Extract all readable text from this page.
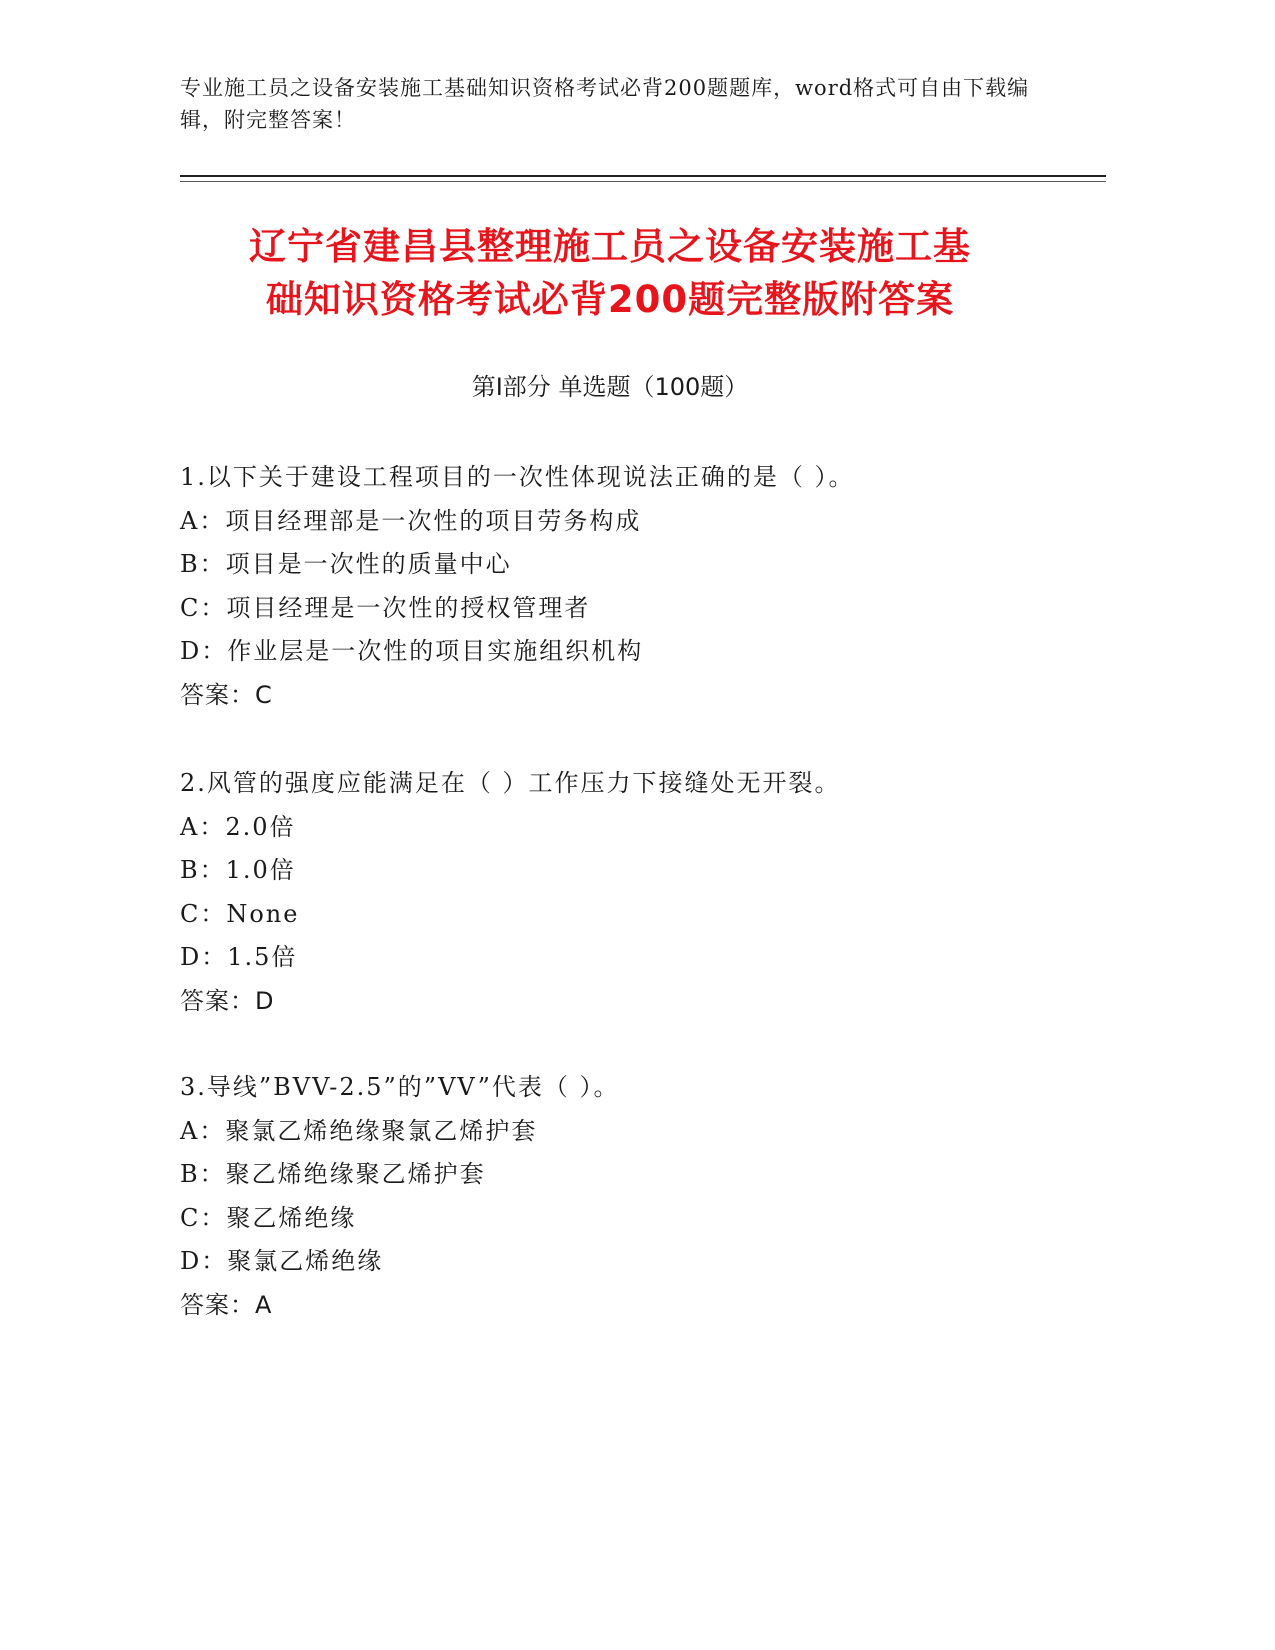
专业施工员之设备安装施工基础知识资格考试必背200题题库，word格式可自由下载编辑，附完整答案！
辽宁省建昌县整理施工员之设备安装施工基
础知识资格考试必背200题完整版附答案
第Ⅰ部分 单选题（100题）
1.以下关于建设工程项目的一次性体现说法正确的是（ ）。
A：项目经理部是一次性的项目劳务构成
B：项目是一次性的质量中心
C：项目经理是一次性的授权管理者
D：作业层是一次性的项目实施组织机构
答案：C
2.风管的强度应能满足在（ ）工作压力下接缝处无开裂。
A：2.0倍
B：1.0倍
C：None
D：1.5倍
答案：D
3.导线”BVV-2.5”的”VV”代表（ ）。
A：聚氯乙烯绝缘聚氯乙烯护套
B：聚乙烯绝缘聚乙烯护套
C：聚乙烯绝缘
D：聚氯乙烯绝缘
答案：A
